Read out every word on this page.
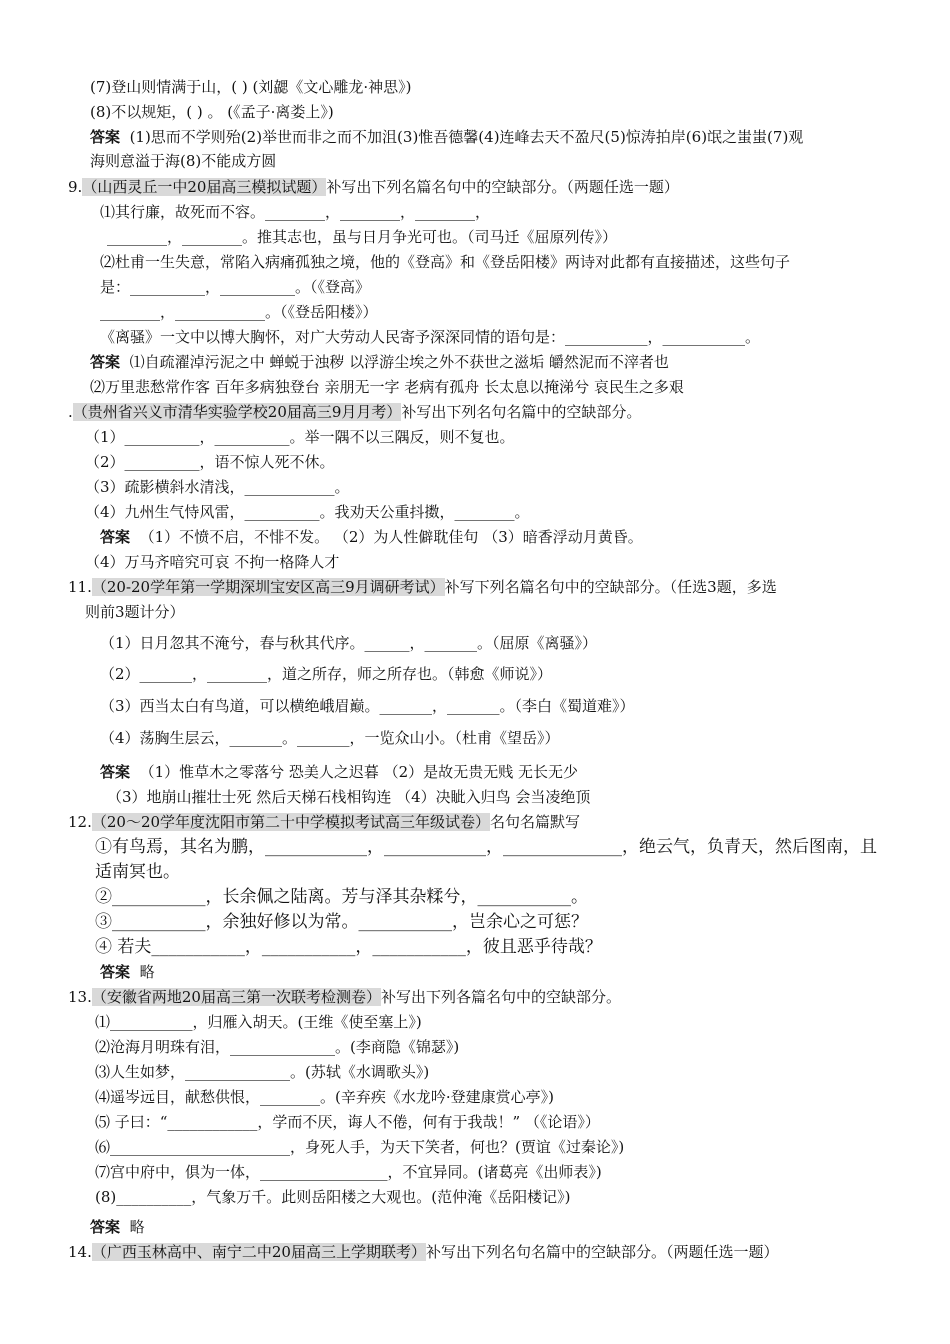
(7)登山则情满于山，( ) (刘勰《文心雕龙·神思》)
(8)不以规矩，( ) 。 (《孟子·离娄上》)
答案 (1)思而不学则殆(2)举世而非之而不加沮(3)惟吾德馨(4)连峰去天不盈尺(5)惊涛拍岸(6)氓之蚩蚩(7)观
海则意溢于海(8)不能成方圆
9.（山西灵丘一中20届高三模拟试题）补写出下列名篇名句中的空缺部分。（两题任选一题）
⑴其行廉，故死而不容。________，________，________，
________，________。推其志也，虽与日月争光可也。（司马迁《屈原列传》）
⑵杜甫一生失意，常陷入病痛孤独之境，他的《登高》和《登岳阳楼》两诗对此都有直接描述，这些句子
是：__________，__________。（《登高》
________，____________。（《登岳阳楼》）
《离骚》一文中以博大胸怀，对广大劳动人民寄予深深同情的语句是：___________，___________。
答案 ⑴自疏濯淖污泥之中 蝉蜕于浊秽 以浮游尘埃之外不获世之滋垢 皭然泥而不滓者也
⑵万里悲愁常作客 百年多病独登台 亲朋无一字 老病有孤舟 长太息以掩涕兮 哀民生之多艰
.（贵州省兴义市清华实验学校20届高三9月月考）补写出下列名句名篇中的空缺部分。
（1）__________，__________。举一隅不以三隅反，则不复也。
（2）__________，语不惊人死不休。
（3）疏影横斜水清浅，____________。
（4）九州生气恃风雷，__________。我劝天公重抖擞，________。
答案 （1）不愤不启，不悱不发。 （2）为人性僻耽佳句 （3）暗香浮动月黄昏。
（4）万马齐喑究可哀 不拘一格降人才
11.（20-20学年第一学期深圳宝安区高三9月调研考试）补写下列名篇名句中的空缺部分。（任选3题，多选
则前3题计分）
（1）日月忽其不淹兮，春与秋其代序。______，_______。（屈原《离骚》）
（2）_______，________，道之所存，师之所存也。（韩愈《师说》）
（3）西当太白有鸟道，可以横绝峨眉巅。_______，_______。（李白《蜀道难》）
（4）荡胸生层云，_______。_______，一览众山小。（杜甫《望岳》）
答案 （1）惟草木之零落兮 恐美人之迟暮 （2）是故无贵无贱 无长无少
（3）地崩山摧壮士死 然后天梯石栈相钩连 （4）决眦入归鸟 会当凌绝顶
12.（20～20学年度沈阳市第二十中学模拟考试高三年级试卷）名句名篇默写
①有鸟焉，其名为鹏，____________，____________，______________，绝云气，负青天，然后图南，且
适南冥也。
②___________，长余佩之陆离。芳与泽其杂糅兮，___________。
③___________，余独好修以为常。___________，岂余心之可惩？
④ 若夫___________，___________，___________，彼且恶乎待哉？
答案 略
13.（安徽省两地20届高三第一次联考检测卷）补写出下列各篇名句中的空缺部分。
⑴___________，归雁入胡天。(王维《使至塞上》)
⑵沧海月明珠有泪，______________。(李商隐《锦瑟》)
⑶人生如梦，______________。(苏轼《水调歌头》)
⑷遥岑远目，献愁供恨，________。(辛弃疾《水龙吟·登建康赏心亭》)
⑸ 子曰：“____________，学而不厌，诲人不倦，何有于我哉！” （《论语》）
⑹________________________，身死人手，为天下笑者，何也？(贾谊《过秦论》)
⑺宫中府中，俱为一体，_________________，不宜异同。(诸葛亮《出师表》)
(8)__________，气象万千。此则岳阳楼之大观也。(范仲淹《岳阳楼记》)
答案 略
14.（广西玉林高中、南宁二中20届高三上学期联考）补写出下列名句名篇中的空缺部分。（两题任选一题）
